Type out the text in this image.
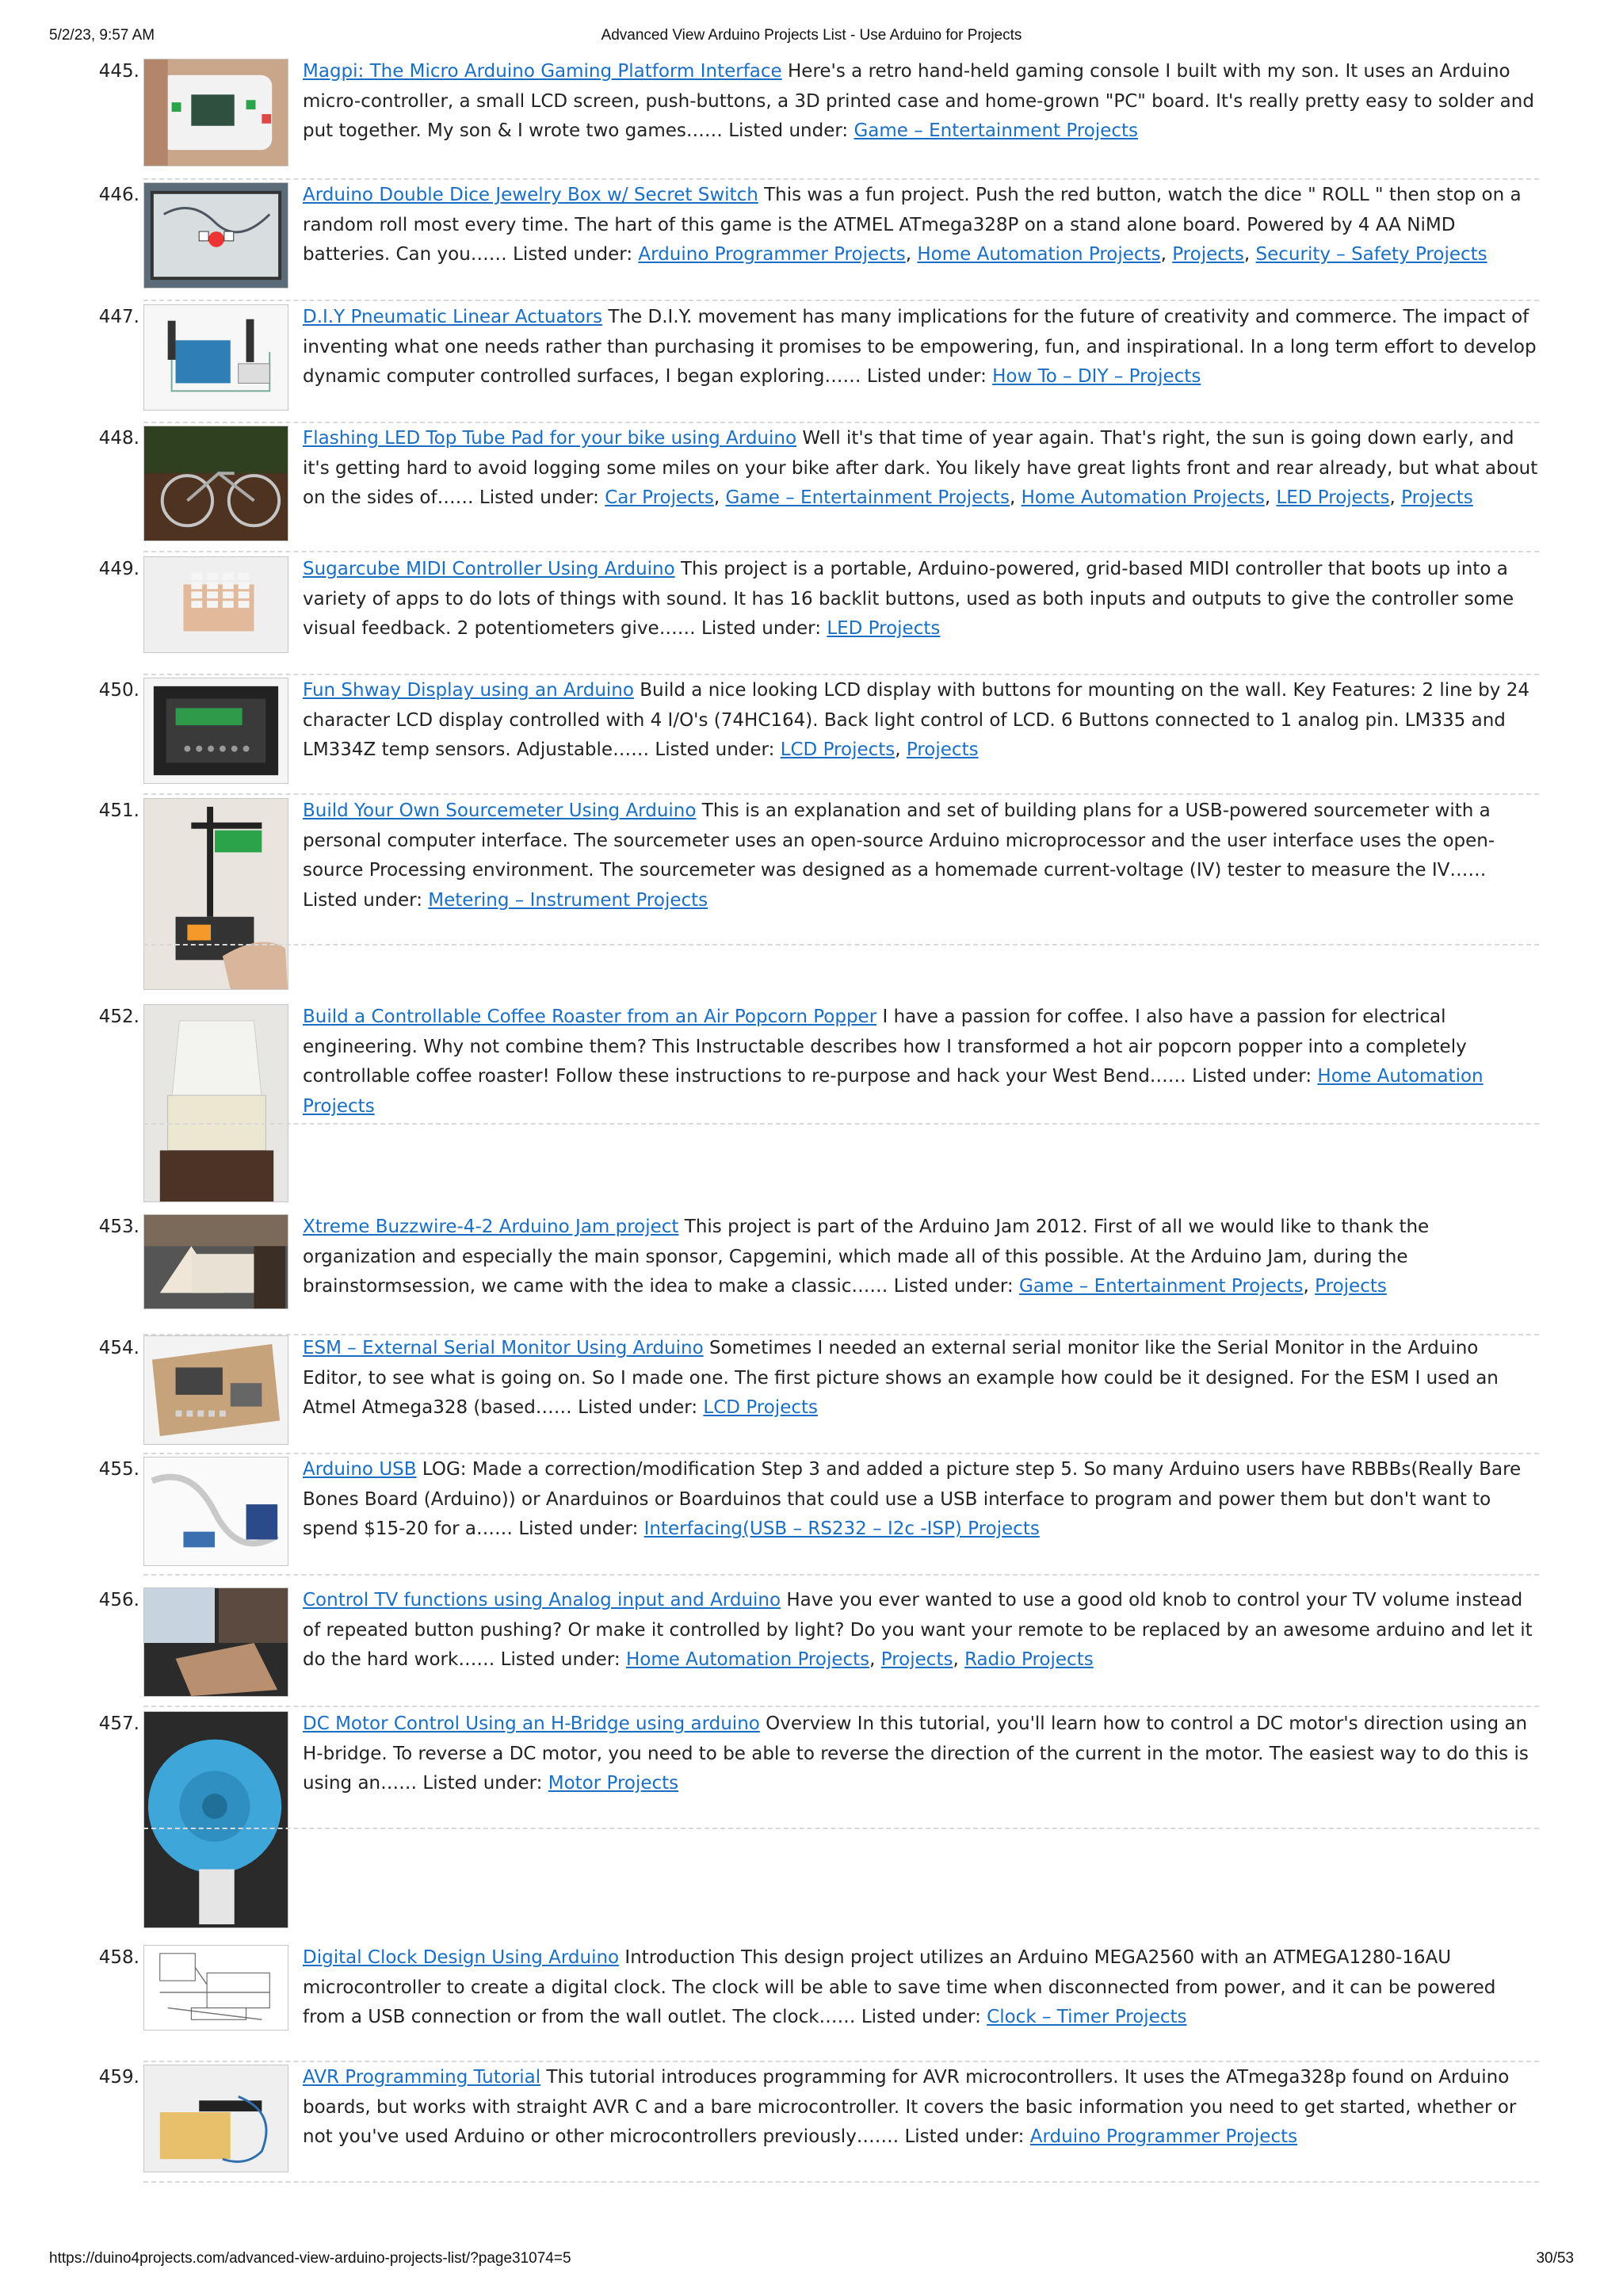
5/2/23, 9:57 AM	Advanced View Arduino Projects List - Use Arduino for Projects
445.	Magpi: The Micro Arduino Gaming Platform Interface Here's a retro hand-held gaming console I built with my son. It uses an Arduino micro-controller, a small LCD screen, push-buttons, a 3D printed case and home-grown "PC" board. It's really pretty easy to solder and put together. My son & I wrote two games…… Listed under: Game – Entertainment Projects
446.	Arduino Double Dice Jewelry Box w/ Secret Switch This was a fun project. Push the red button, watch the dice " ROLL " then stop on a random roll most every time. The hart of this game is the ATMEL ATmega328P on a stand alone board. Powered by 4 AA NiMD batteries. Can you…… Listed under: Arduino Programmer Projects, Home Automation Projects, Projects, Security – Safety Projects
447.	D.I.Y Pneumatic Linear Actuators The D.I.Y. movement has many implications for the future of creativity and commerce. The impact of inventing what one needs rather than purchasing it promises to be empowering, fun, and inspirational. In a long term effort to develop dynamic computer controlled surfaces, I began exploring…… Listed under: How To – DIY – Projects
448.	Flashing LED Top Tube Pad for your bike using Arduino Well it's that time of year again. That's right, the sun is going down early, and it's getting hard to avoid logging some miles on your bike after dark. You likely have great lights front and rear already, but what about on the sides of…… Listed under: Car Projects, Game – Entertainment Projects, Home Automation Projects, LED Projects, Projects
449.	Sugarcube MIDI Controller Using Arduino This project is a portable, Arduino-powered, grid-based MIDI controller that boots up into a variety of apps to do lots of things with sound. It has 16 backlit buttons, used as both inputs and outputs to give the controller some visual feedback. 2 potentiometers give…… Listed under: LED Projects
450.	Fun Shway Display using an Arduino Build a nice looking LCD display with buttons for mounting on the wall. Key Features: 2 line by 24 character LCD display controlled with 4 I/O's (74HC164). Back light control of LCD. 6 Buttons connected to 1 analog pin. LM335 and LM334Z temp sensors. Adjustable…… Listed under: LCD Projects, Projects
451.	Build Your Own Sourcemeter Using Arduino This is an explanation and set of building plans for a USB-powered sourcemeter with a personal computer interface. The sourcemeter uses an open-source Arduino microprocessor and the user interface uses the open-source Processing environment. The sourcemeter was designed as a homemade current-voltage (IV) tester to measure the IV…… Listed under: Metering – Instrument Projects
452.	Build a Controllable Coffee Roaster from an Air Popcorn Popper I have a passion for coffee. I also have a passion for electrical engineering. Why not combine them? This Instructable describes how I transformed a hot air popcorn popper into a completely controllable coffee roaster! Follow these instructions to re-purpose and hack your West Bend…… Listed under: Home Automation Projects
453.	Xtreme Buzzwire-4-2 Arduino Jam project This project is part of the Arduino Jam 2012. First of all we would like to thank the organization and especially the main sponsor, Capgemini, which made all of this possible. At the Arduino Jam, during the brainstormsession, we came with the idea to make a classic…… Listed under: Game – Entertainment Projects, Projects
454.	ESM – External Serial Monitor Using Arduino Sometimes I needed an external serial monitor like the Serial Monitor in the Arduino Editor, to see what is going on. So I made one. The first picture shows an example how could be it designed. For the ESM I used an Atmel Atmega328 (based…… Listed under: LCD Projects
455.	Arduino USB LOG: Made a correction/modification Step 3 and added a picture step 5. So many Arduino users have RBBBs(Really Bare Bones Board (Arduino)) or Anarduinos or Boarduinos that could use a USB interface to program and power them but don't want to spend $15-20 for a…… Listed under: Interfacing(USB – RS232 – I2c -ISP) Projects
456.	Control TV functions using Analog input and Arduino Have you ever wanted to use a good old knob to control your TV volume instead of repeated button pushing? Or make it controlled by light? Do you want your remote to be replaced by an awesome arduino and let it do the hard work…… Listed under: Home Automation Projects, Projects, Radio Projects
457.	DC Motor Control Using an H-Bridge using arduino Overview In this tutorial, you'll learn how to control a DC motor's direction using an H-bridge. To reverse a DC motor, you need to be able to reverse the direction of the current in the motor. The easiest way to do this is using an…… Listed under: Motor Projects
458.	Digital Clock Design Using Arduino Introduction This design project utilizes an Arduino MEGA2560 with an ATMEGA1280-16AU microcontroller to create a digital clock. The clock will be able to save time when disconnected from power, and it can be powered from a USB connection or from the wall outlet. The clock…… Listed under: Clock – Timer Projects
459.	AVR Programming Tutorial This tutorial introduces programming for AVR microcontrollers. It uses the ATmega328p found on Arduino boards, but works with straight AVR C and a bare microcontroller. It covers the basic information you need to get started, whether or not you've used Arduino or other microcontrollers previously……. Listed under: Arduino Programmer Projects
https://duino4projects.com/advanced-view-arduino-projects-list/?page31074=5	30/53
